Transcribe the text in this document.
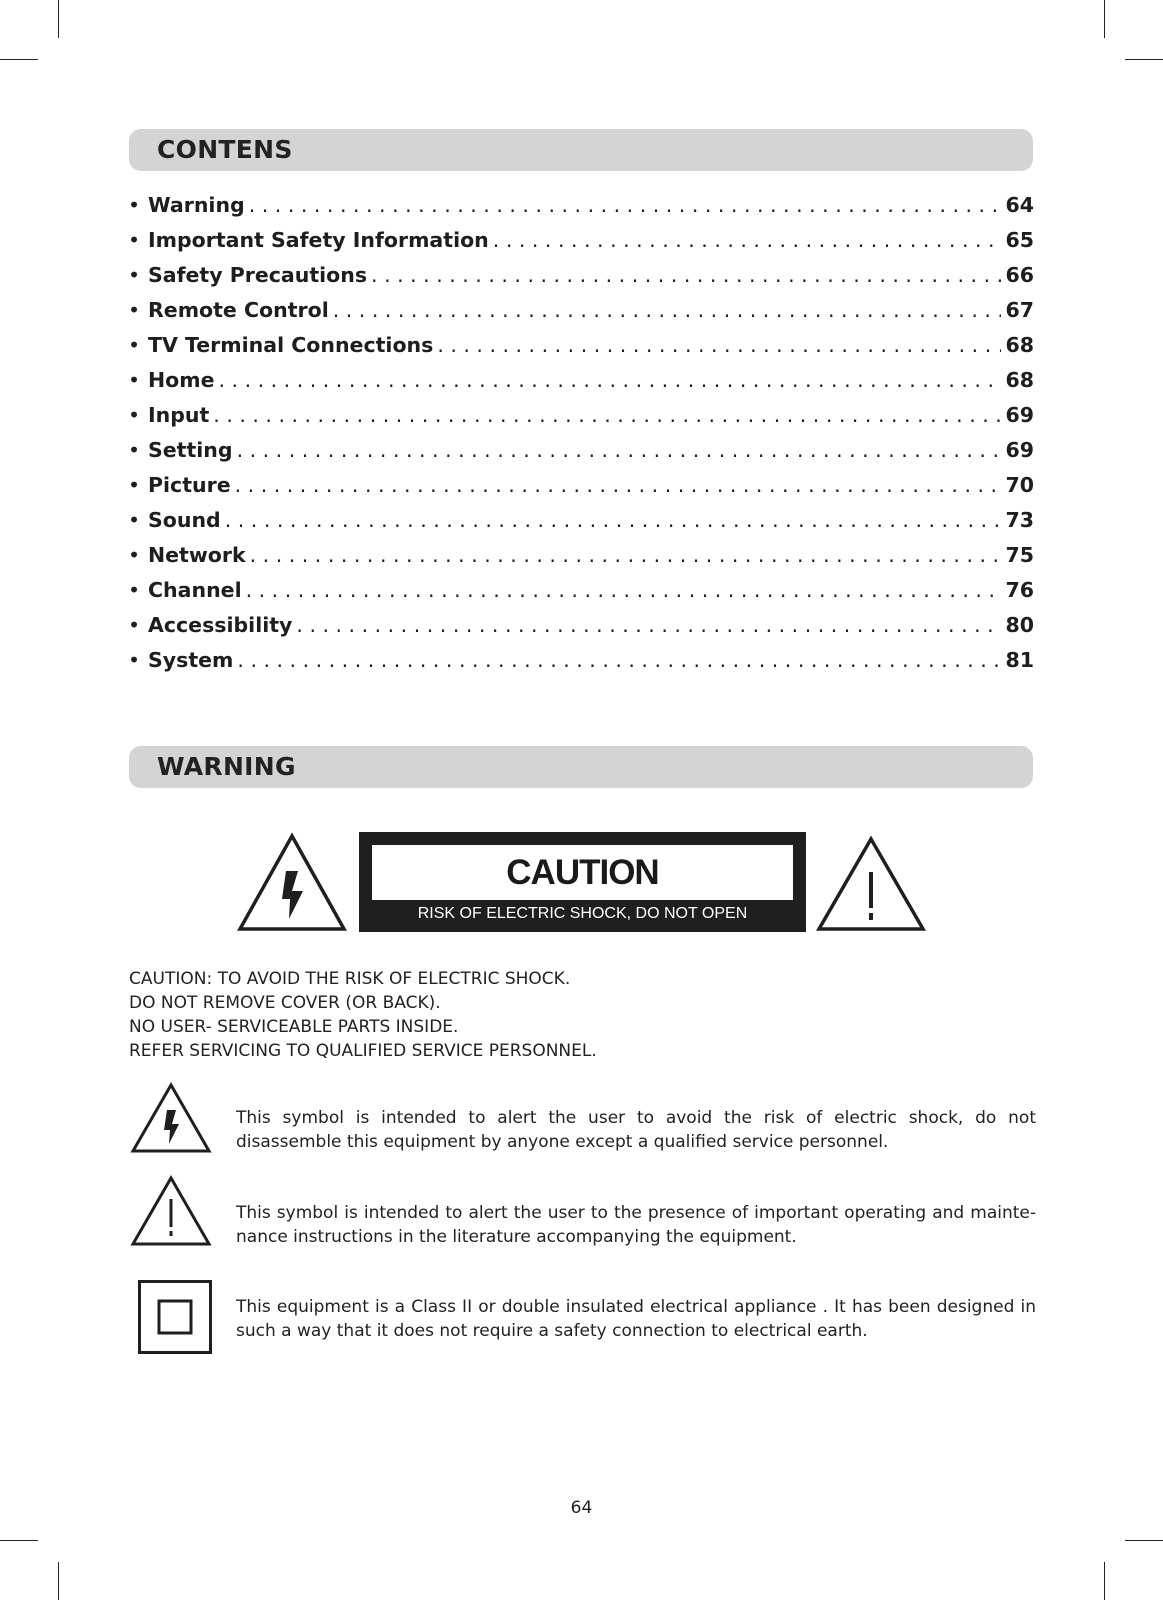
CONTENS
• Warning . . .	64
• Important Safety Information . . .	65
• Safety Precautions . . .	66
• Remote Control . . .	67
• TV Terminal Connections . . .	68
• Home . . .	68
• Input . . .	69
• Setting . . .	69
• Picture . . .	70
• Sound . . .	73
• Network . . .	75
• Channel . . .	76
• Accessibility . . .	80
• System . . .	81
WARNING
CAUTION
RISK OF ELECTRIC SHOCK, DO NOT OPEN
CAUTION: TO AVOID THE RISK OF ELECTRIC SHOCK.
DO NOT REMOVE COVER (OR BACK).
NO USER- SERVICEABLE PARTS INSIDE.
REFER SERVICING TO QUALIFIED SERVICE PERSONNEL.
This symbol is intended to alert the user to avoid the risk of electric shock, do not disassemble this equipment by anyone except a qualified service personnel.
This symbol is intended to alert the user to the presence of important operating and mainte-nance instructions in the literature accompanying the equipment.
This equipment is a Class II or double insulated electrical appliance . It has been designed in such a way that it does not require a safety connection to electrical earth.
64
